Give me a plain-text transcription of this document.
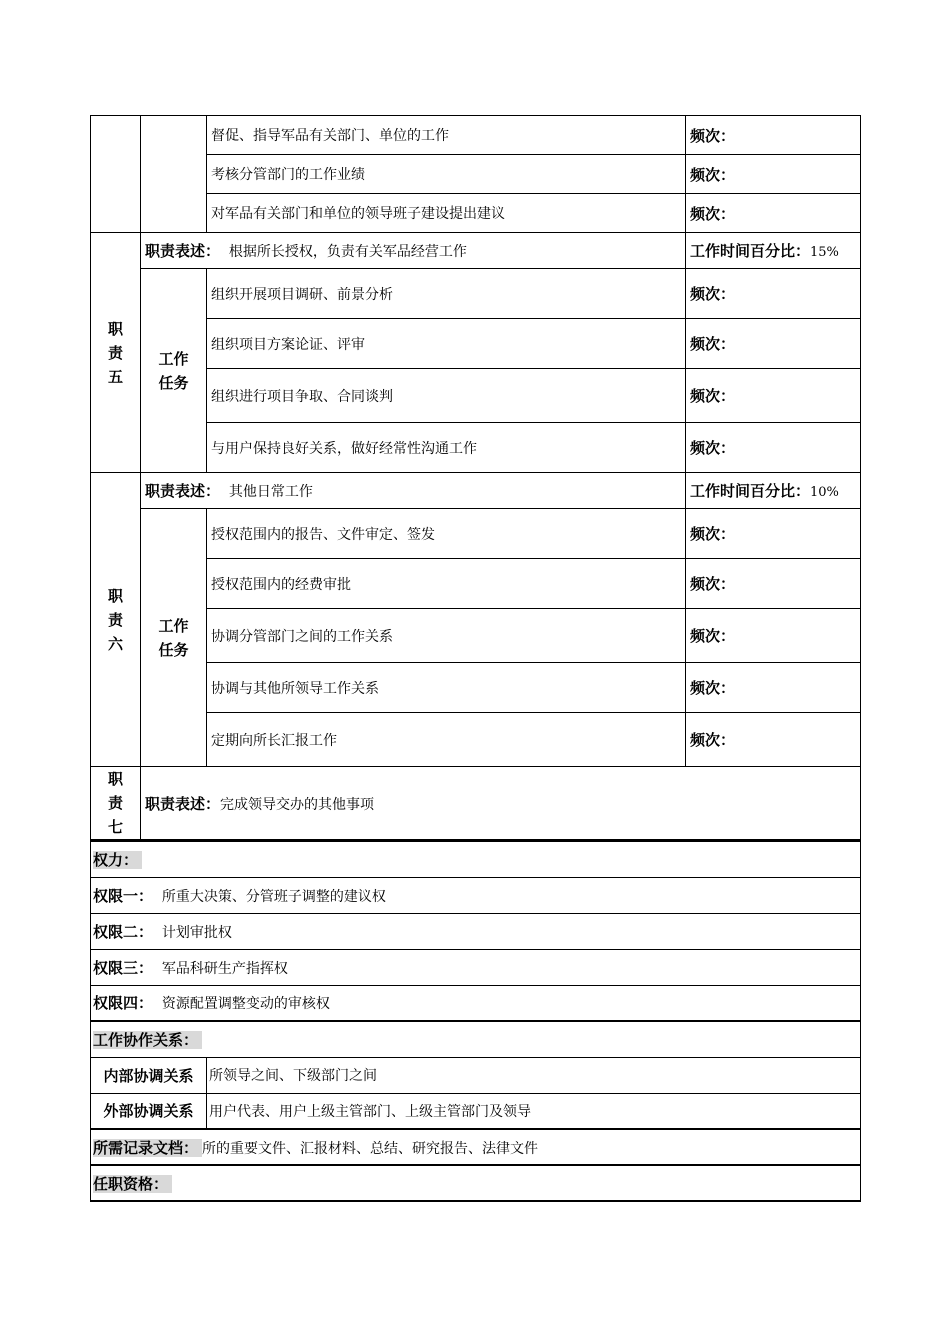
		督促、指导军品有关部门、单位的工作	频次：
		考核分管部门的工作业绩	频次：
		对军品有关部门和单位的领导班子建设提出建议	频次：
职
责
五	职责表述： 根据所长授权，负责有关军品经营工作		工作时间百分比：15%
	工作
任务	组织开展项目调研、前景分析	频次：
		组织项目方案论证、评审	频次：
		组织进行项目争取、合同谈判	频次：
		与用户保持良好关系，做好经常性沟通工作	频次：
职
责
六	职责表述： 其他日常工作		工作时间百分比：10%
	工作
任务	授权范围内的报告、文件审定、签发	频次：
		授权范围内的经费审批	频次：
		协调分管部门之间的工作关系	频次：
		协调与其他所领导工作关系	频次：
		定期向所长汇报工作	频次：
职
责
七	职责表述：完成领导交办的其他事项		
权力：	
权限一： 所重大决策、分管班子调整的建议权	
权限二： 计划审批权	
权限三： 军品科研生产指挥权	
权限四： 资源配置调整变动的审核权	
工作协作关系：	
内部协调关系	所领导之间、下级部门之间
外部协调关系	用户代表、用户上级主管部门、上级主管部门及领导
所需记录文档： 所的重要文件、汇报材料、总结、研究报告、法律文件	
任职资格：	
